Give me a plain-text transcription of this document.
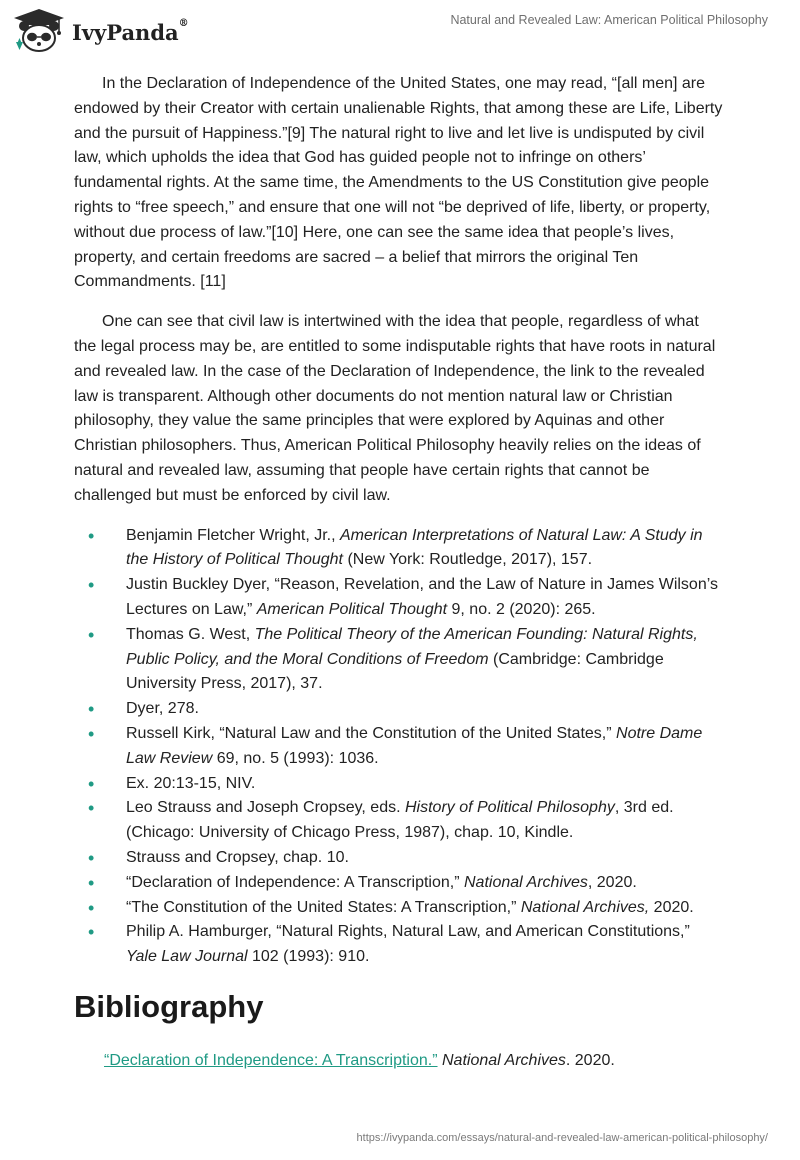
IvyPanda®	Natural and Revealed Law: American Political Philosophy

In the Declaration of Independence of the United States, one may read, “[all men] are endowed by their Creator with certain unalienable Rights, that among these are Life, Liberty and the pursuit of Happiness.”[9] The natural right to live and let live is undisputed by civil law, which upholds the idea that God has guided people not to infringe on others’ fundamental rights. At the same time, the Amendments to the US Constitution give people rights to “free speech,” and ensure that one will not “be deprived of life, liberty, or property, without due process of law.”[10] Here, one can see the same idea that people’s lives, property, and certain freedoms are sacred – a belief that mirrors the original Ten Commandments. [11]

One can see that civil law is intertwined with the idea that people, regardless of what the legal process may be, are entitled to some indisputable rights that have roots in natural and revealed law. In the case of the Declaration of Independence, the link to the revealed law is transparent. Although other documents do not mention natural law or Christian philosophy, they value the same principles that were explored by Aquinas and other Christian philosophers. Thus, American Political Philosophy heavily relies on the ideas of natural and revealed law, assuming that people have certain rights that cannot be challenged but must be enforced by civil law.

• Benjamin Fletcher Wright, Jr., American Interpretations of Natural Law: A Study in the History of Political Thought (New York: Routledge, 2017), 157.
• Justin Buckley Dyer, “Reason, Revelation, and the Law of Nature in James Wilson’s Lectures on Law,” American Political Thought 9, no. 2 (2020): 265.
• Thomas G. West, The Political Theory of the American Founding: Natural Rights, Public Policy, and the Moral Conditions of Freedom (Cambridge: Cambridge University Press, 2017), 37.
• Dyer, 278.
• Russell Kirk, “Natural Law and the Constitution of the United States,” Notre Dame Law Review 69, no. 5 (1993): 1036.
• Ex. 20:13-15, NIV.
• Leo Strauss and Joseph Cropsey, eds. History of Political Philosophy, 3rd ed. (Chicago: University of Chicago Press, 1987), chap. 10, Kindle.
• Strauss and Cropsey, chap. 10.
• “Declaration of Independence: A Transcription,” National Archives, 2020.
• “The Constitution of the United States: A Transcription,” National Archives, 2020.
• Philip A. Hamburger, “Natural Rights, Natural Law, and American Constitutions,” Yale Law Journal 102 (1993): 910.
Bibliography

“Declaration of Independence: A Transcription.” National Archives. 2020.

https://ivypanda.com/essays/natural-and-revealed-law-american-political-philosophy/
